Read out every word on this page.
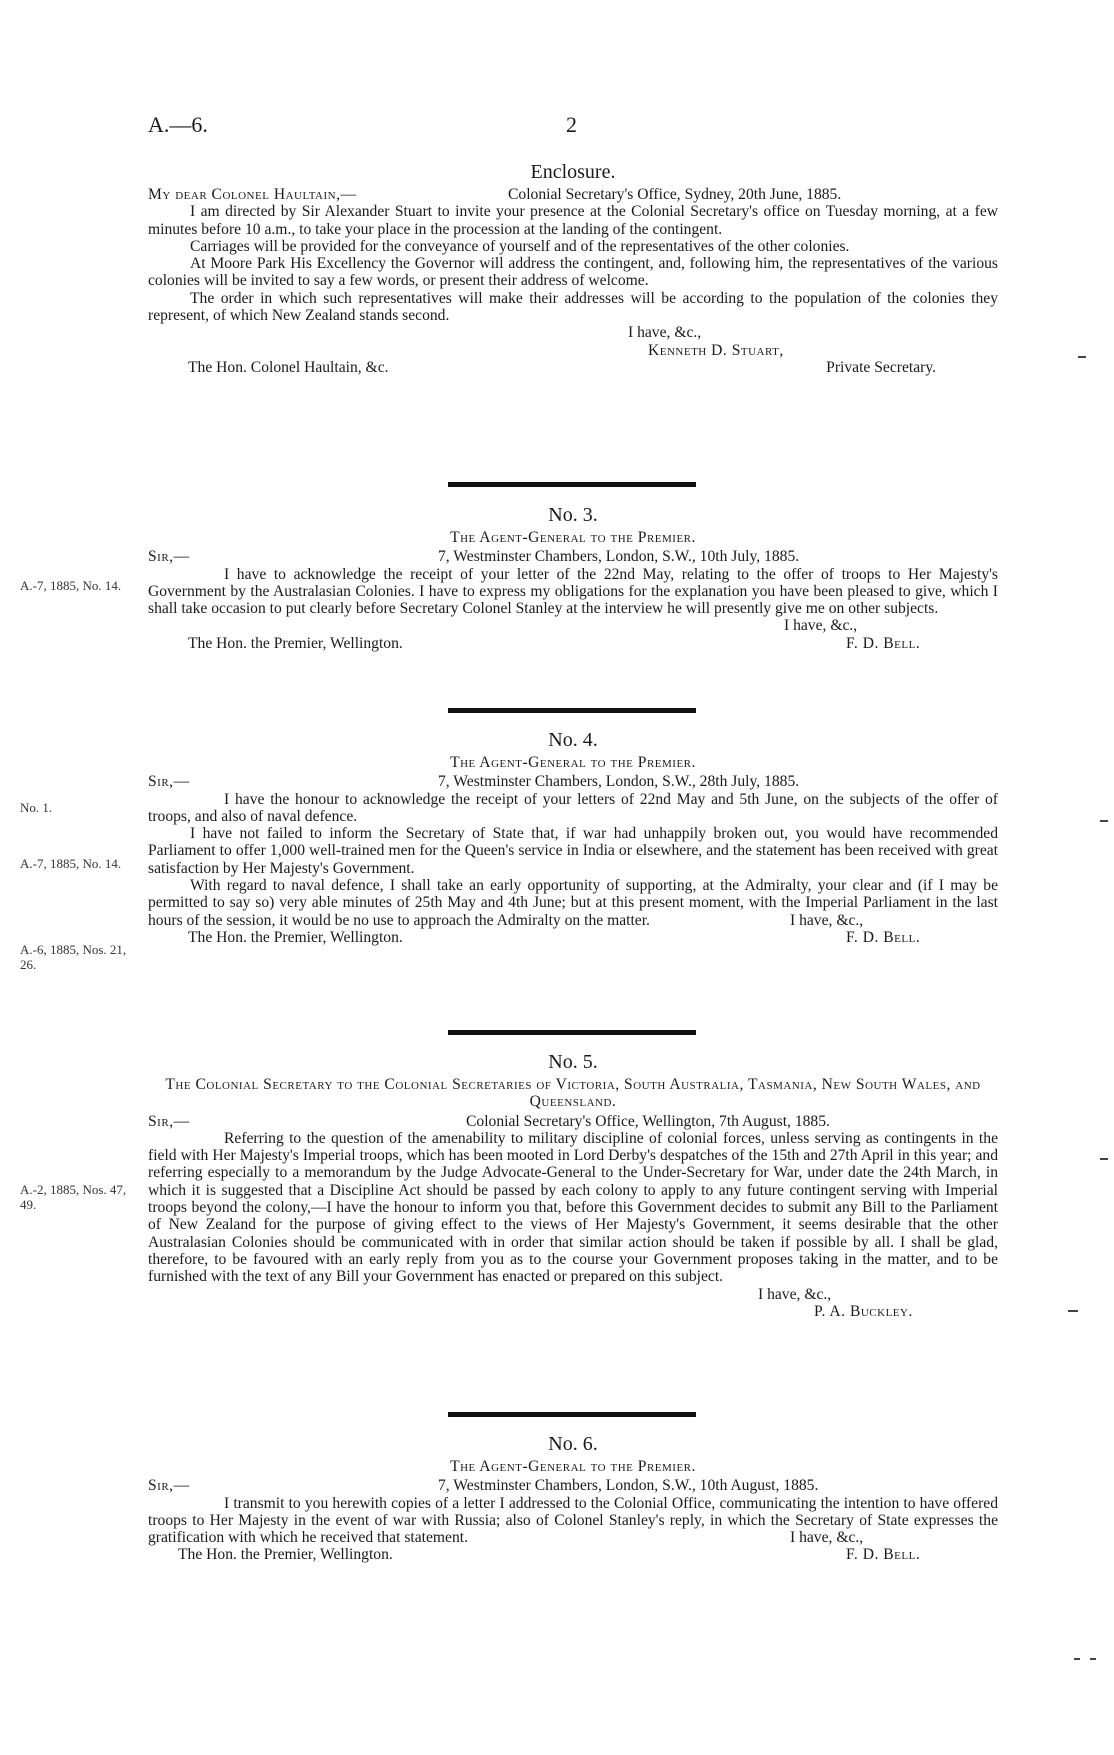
A.—6.	2
Enclosure.
My dear Colonel Haultain,—	Colonial Secretary's Office, Sydney, 20th June, 1885.

I am directed by Sir Alexander Stuart to invite your presence at the Colonial Secretary's office on Tuesday morning, at a few minutes before 10 a.m., to take your place in the procession at the landing of the contingent.

Carriages will be provided for the conveyance of yourself and of the representatives of the other colonies.

At Moore Park His Excellency the Governor will address the contingent, and, following him, the representatives of the various colonies will be invited to say a few words, or present their address of welcome.

The order in which such representatives will make their addresses will be according to the population of the colonies they represent, of which New Zealand stands second.

I have, &c.,
Kenneth D. Stuart,
The Hon. Colonel Haultain, &c.	Private Secretary.
No. 3.
The Agent-General to the Premier.
Sir,—	7, Westminster Chambers, London, S.W., 10th July, 1885.

I have to acknowledge the receipt of your letter of the 22nd May, relating to the offer of troops to Her Majesty's Government by the Australasian Colonies. I have to express my obligations for the explanation you have been pleased to give, which I shall take occasion to put clearly before Secretary Colonel Stanley at the interview he will presently give me on other subjects.

I have, &c.,
The Hon. the Premier, Wellington.	F. D. Bell.
A.-7, 1885, No. 14.
No. 4.
The Agent-General to the Premier.
Sir,—	7, Westminster Chambers, London, S.W., 28th July, 1885.

I have the honour to acknowledge the receipt of your letters of 22nd May and 5th June, on the subjects of the offer of troops, and also of naval defence.

I have not failed to inform the Secretary of State that, if war had unhappily broken out, you would have recommended Parliament to offer 1,000 well-trained men for the Queen's service in India or elsewhere, and the statement has been received with great satisfaction by Her Majesty's Government.

With regard to naval defence, I shall take an early opportunity of supporting, at the Admiralty, your clear and (if I may be permitted to say so) very able minutes of 25th May and 4th June; but at this present moment, with the Imperial Parliament in the last hours of the session, it would be no use to approach the Admiralty on the matter.	I have, &c.,
The Hon. the Premier, Wellington.	F. D. Bell.
No. 1.
A.-7, 1885, No. 14.
A.-6, 1885, Nos. 21, 26.
No. 5.
The Colonial Secretary to the Colonial Secretaries of Victoria, South Australia, Tasmania, New South Wales, and Queensland.
Sir,—	Colonial Secretary's Office, Wellington, 7th August, 1885.

Referring to the question of the amenability to military discipline of colonial forces, unless serving as contingents in the field with Her Majesty's Imperial troops, which has been mooted in Lord Derby's despatches of the 15th and 27th April in this year; and referring especially to a memorandum by the Judge Advocate-General to the Under-Secretary for War, under date the 24th March, in which it is suggested that a Discipline Act should be passed by each colony to apply to any future contingent serving with Imperial troops beyond the colony,—I have the honour to inform you that, before this Government decides to submit any Bill to the Parliament of New Zealand for the purpose of giving effect to the views of Her Majesty's Government, it seems desirable that the other Australasian Colonies should be communicated with in order that similar action should be taken if possible by all. I shall be glad, therefore, to be favoured with an early reply from you as to the course your Government proposes taking in the matter, and to be furnished with the text of any Bill your Government has enacted or prepared on this subject.

I have, &c.,
P. A. Buckley.
A.-2, 1885, Nos. 47, 49.
No. 6.
The Agent-General to the Premier.
Sir,—	7, Westminster Chambers, London, S.W., 10th August, 1885.

I transmit to you herewith copies of a letter I addressed to the Colonial Office, communicating the intention to have offered troops to Her Majesty in the event of war with Russia; also of Colonel Stanley's reply, in which the Secretary of State expresses the gratification with which he received that statement.	I have, &c.,
The Hon. the Premier, Wellington.	F. D. Bell.
